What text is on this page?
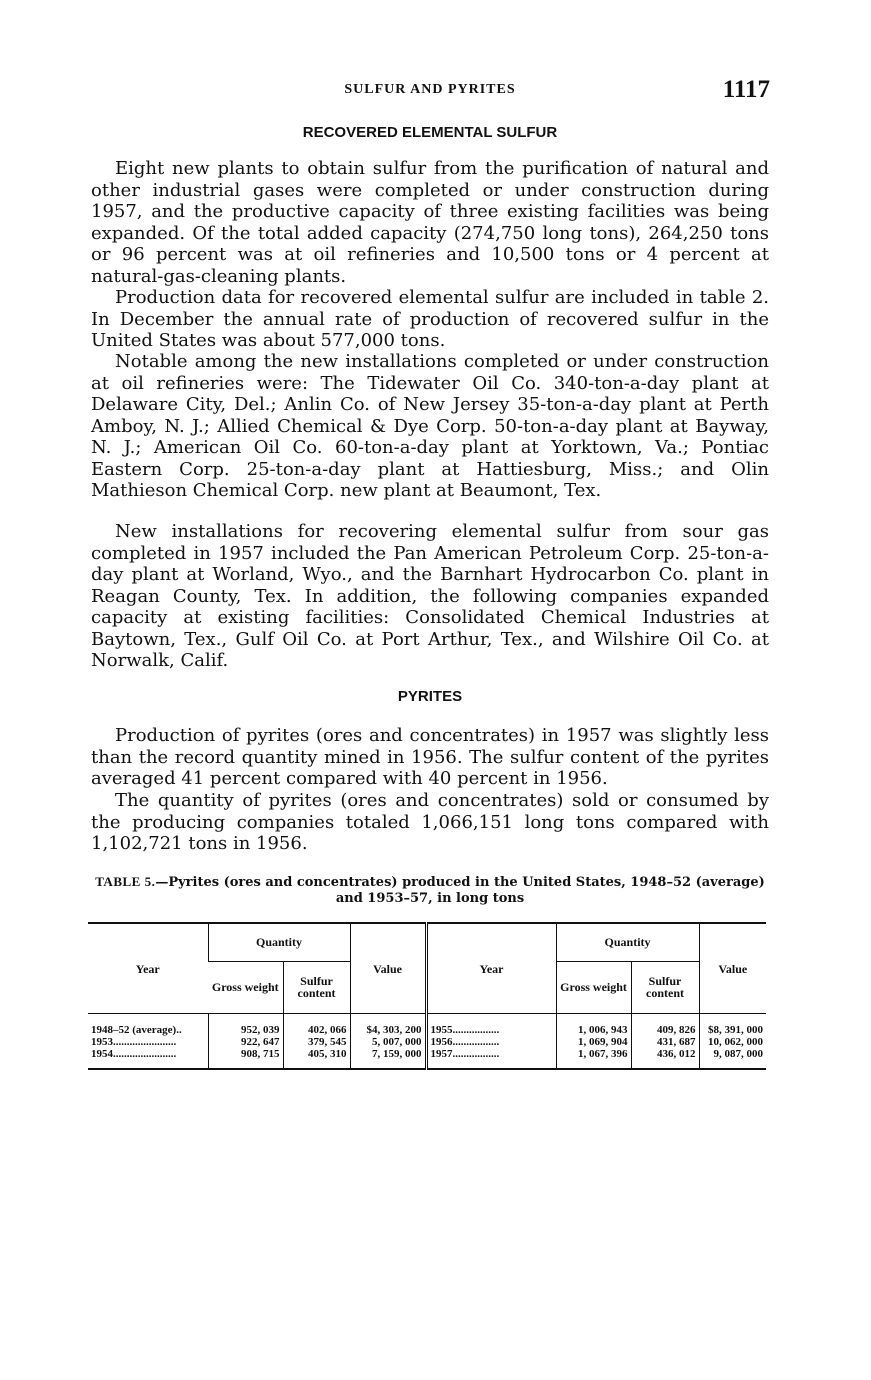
SULFUR AND PYRITES	1117
RECOVERED ELEMENTAL SULFUR

Eight new plants to obtain sulfur from the purification of natural and other industrial gases were completed or under construction during 1957, and the productive capacity of three existing facilities was being expanded. Of the total added capacity (274,750 long tons), 264,250 tons or 96 percent was at oil refineries and 10,500 tons or 4 percent at natural-gas-cleaning plants.

Production data for recovered elemental sulfur are included in table 2. In December the annual rate of production of recovered sulfur in the United States was about 577,000 tons.

Notable among the new installations completed or under construction at oil refineries were: The Tidewater Oil Co. 340-ton-a-day plant at Delaware City, Del.; Anlin Co. of New Jersey 35-ton-a-day plant at Perth Amboy, N. J.; Allied Chemical & Dye Corp. 50-ton-a-day plant at Bayway, N. J.; American Oil Co. 60-ton-a-day plant at Yorktown, Va.; Pontiac Eastern Corp. 25-ton-a-day plant at Hattiesburg, Miss.; and Olin Mathieson Chemical Corp. new plant at Beaumont, Tex.

New installations for recovering elemental sulfur from sour gas completed in 1957 included the Pan American Petroleum Corp. 25-ton-a-day plant at Worland, Wyo., and the Barnhart Hydrocarbon Co. plant in Reagan County, Tex. In addition, the following companies expanded capacity at existing facilities: Consolidated Chemical Industries at Baytown, Tex., Gulf Oil Co. at Port Arthur, Tex., and Wilshire Oil Co. at Norwalk, Calif.

PYRITES

Production of pyrites (ores and concentrates) in 1957 was slightly less than the record quantity mined in 1956. The sulfur content of the pyrites averaged 41 percent compared with 40 percent in 1956.

The quantity of pyrites (ores and concentrates) sold or consumed by the producing companies totaled 1,066,151 long tons compared with 1,102,721 tons in 1956.

TABLE 5.—Pyrites (ores and concentrates) produced in the United States, 1948–52 (average) and 1953–57, in long tons

Year	Quantity		Value	Year	Quantity		Value
	Gross weight	Sulfur content			Gross weight	Sulfur content	

1948–52 (average)..	952, 039	402, 066	$4, 303, 200	1955.................	1, 006, 943	409, 826	$8, 391, 000
1953.......................	922, 647	379, 545	5, 007, 000	1956.................	1, 069, 904	431, 687	10, 062, 000
1954.......................	908, 715	405, 310	7, 159, 000	1957.................	1, 067, 396	436, 012	9, 087, 000
